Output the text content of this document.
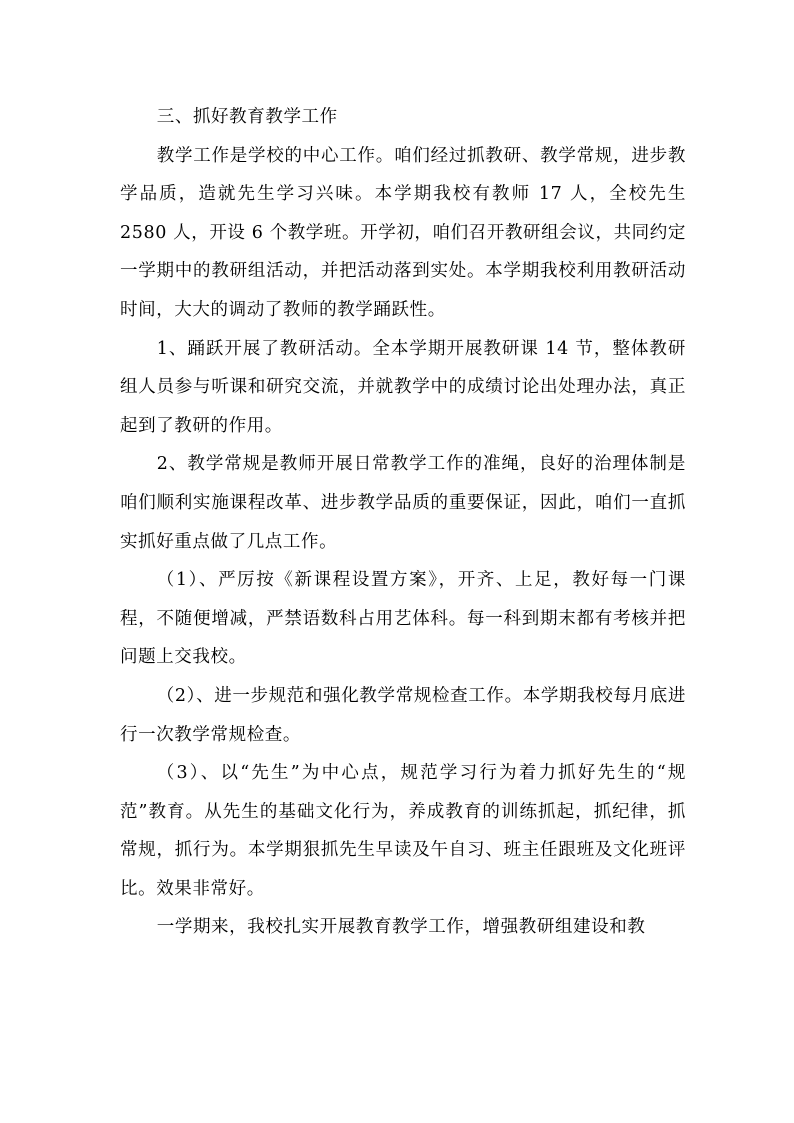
三、抓好教育教学工作

教学工作是学校的中心工作。咱们经过抓教研、教学常规，进步教学品质，造就先生学习兴味。本学期我校有教师 17 人，全校先生 2580 人，开设 6 个教学班。开学初，咱们召开教研组会议，共同约定一学期中的教研组活动，并把活动落到实处。本学期我校利用教研活动时间，大大的调动了教师的教学踊跃性。

1、踊跃开展了教研活动。全本学期开展教研课 14 节，整体教研组人员参与听课和研究交流，并就教学中的成绩讨论出处理办法，真正起到了教研的作用。

2、教学常规是教师开展日常教学工作的准绳，良好的治理体制是咱们顺利实施课程改革、进步教学品质的重要保证，因此，咱们一直抓实抓好重点做了几点工作。

（1）、严厉按《新课程设置方案》，开齐、上足，教好每一门课程，不随便增减，严禁语数科占用艺体科。每一科到期末都有考核并把问题上交我校。

（2）、进一步规范和强化教学常规检查工作。本学期我校每月底进行一次教学常规检查。

（3）、以“先生”为中心点，规范学习行为着力抓好先生的“规范”教育。从先生的基础文化行为，养成教育的训练抓起，抓纪律，抓常规，抓行为。本学期狠抓先生早读及午自习、班主任跟班及文化班评比。效果非常好。

一学期来，我校扎实开展教育教学工作，增强教研组建设和教
